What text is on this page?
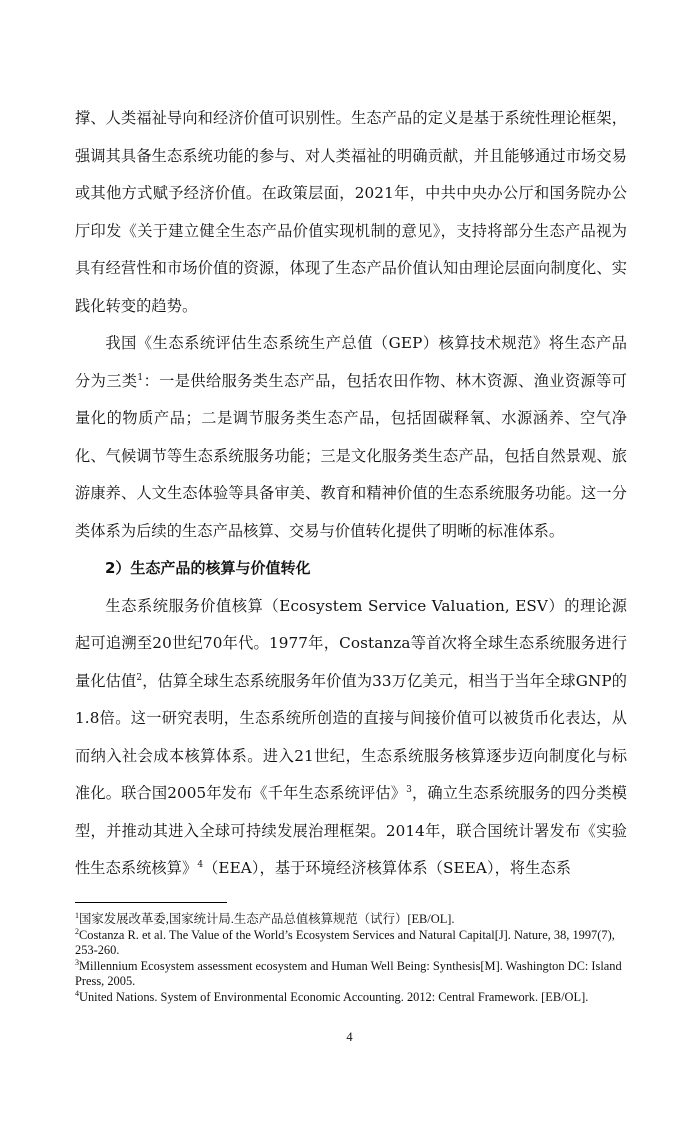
撑、人类福祉导向和经济价值可识别性。生态产品的定义是基于系统性理论框架，强调其具备生态系统功能的参与、对人类福祉的明确贡献，并且能够通过市场交易或其他方式赋予经济价值。在政策层面，2021年，中共中央办公厅和国务院办公厅印发《关于建立健全生态产品价值实现机制的意见》，支持将部分生态产品视为具有经营性和市场价值的资源，体现了生态产品价值认知由理论层面向制度化、实践化转变的趋势。

我国《生态系统评估生态系统生产总值（GEP）核算技术规范》将生态产品分为三类$^1$：一是供给服务类生态产品，包括农田作物、林木资源、渔业资源等可量化的物质产品；二是调节服务类生态产品，包括固碳释氧、水源涵养、空气净化、气候调节等生态系统服务功能；三是文化服务类生态产品，包括自然景观、旅游康养、人文生态体验等具备审美、教育和精神价值的生态系统服务功能。这一分类体系为后续的生态产品核算、交易与价值转化提供了明晰的标准体系。

2）生态产品的核算与价值转化

生态系统服务价值核算（Ecosystem Service Valuation, ESV）的理论源起可追溯至20世纪70年代。1977年，Costanza等首次将全球生态系统服务进行量化估值$^2$，估算全球生态系统服务年价值为33万亿美元，相当于当年全球GNP的1.8倍。这一研究表明，生态系统所创造的直接与间接价值可以被货币化表达，从而纳入社会成本核算体系。进入21世纪，生态系统服务核算逐步迈向制度化与标准化。联合国2005年发布《千年生态系统评估》$^3$，确立生态系统服务的四分类模型，并推动其进入全球可持续发展治理框架。2014年，联合国统计署发布《实验性生态系统核算》$^4$（EEA），基于环境经济核算体系（SEEA），将生态系

$^1$国家发展改革委,国家统计局.生态产品总值核算规范（试行）[EB/OL].

$^2$Costanza R. et al. The Value of the World’s Ecosystem Services and Natural Capital[J]. Nature, 38, 1997(7), 253-260.

$^3$Millennium Ecosystem assessment ecosystem and Human Well Being: Synthesis[M]. Washington DC: Island Press, 2005.

$^4$United Nations. System of Environmental Economic Accounting. 2012: Central Framework. [EB/OL].

4
